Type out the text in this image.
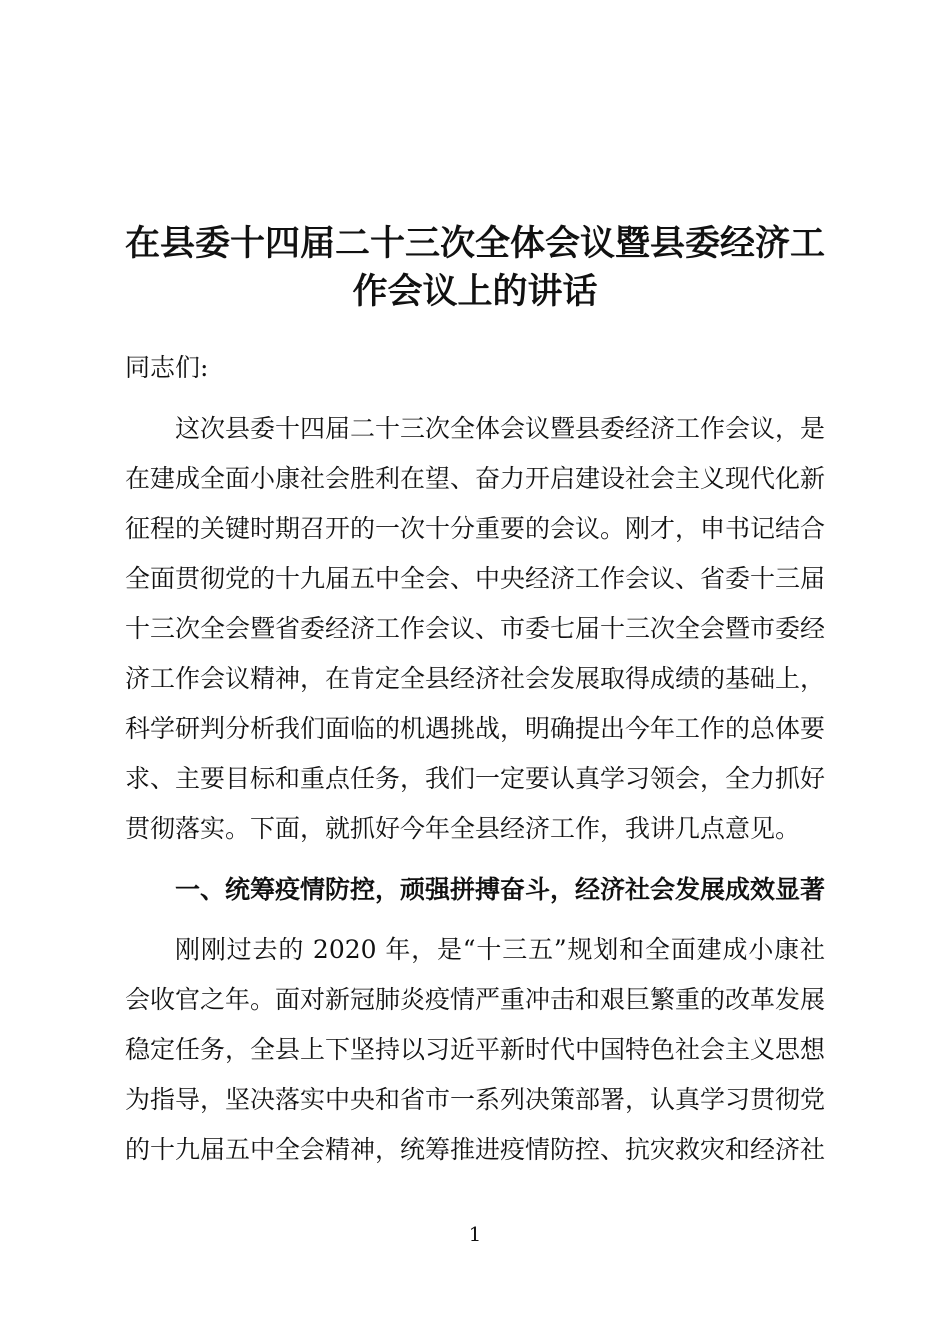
在县委十四届二十三次全体会议暨县委经济工
作会议上的讲话
同志们:
这次县委十四届二十三次全体会议暨县委经济工作会议，是
在建成全面小康社会胜利在望、奋力开启建设社会主义现代化新
征程的关键时期召开的一次十分重要的会议。刚才，申书记结合
全面贯彻党的十九届五中全会、中央经济工作会议、省委十三届
十三次全会暨省委经济工作会议、市委七届十三次全会暨市委经
济工作会议精神，在肯定全县经济社会发展取得成绩的基础上，
科学研判分析我们面临的机遇挑战，明确提出今年工作的总体要
求、主要目标和重点任务，我们一定要认真学习领会，全力抓好
贯彻落实。下面，就抓好今年全县经济工作，我讲几点意见。
一、统筹疫情防控，顽强拼搏奋斗，经济社会发展成效显著
刚刚过去的 2020 年，是“十三五”规划和全面建成小康社
会收官之年。面对新冠肺炎疫情严重冲击和艰巨繁重的改革发展
稳定任务，全县上下坚持以习近平新时代中国特色社会主义思想
为指导，坚决落实中央和省市一系列决策部署，认真学习贯彻党
的十九届五中全会精神，统筹推进疫情防控、抗灾救灾和经济社
1
